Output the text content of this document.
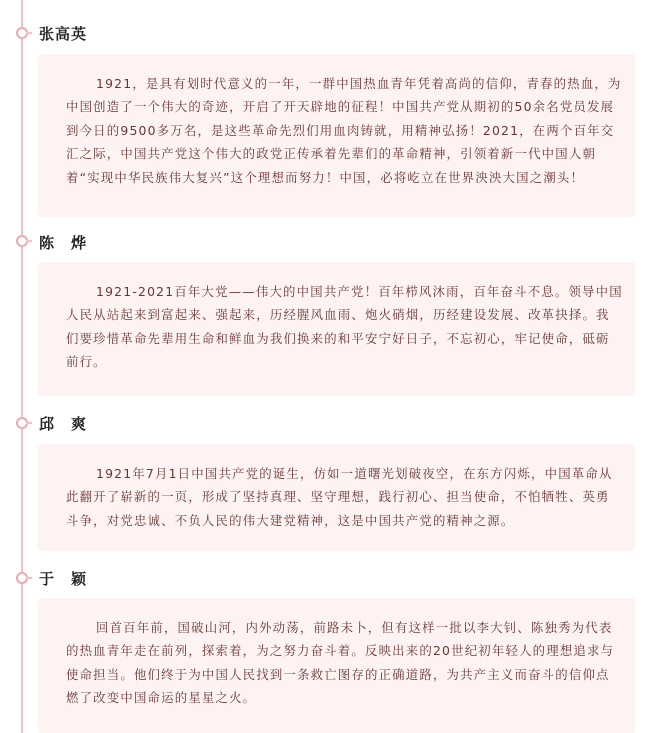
张高英

1921，是具有划时代意义的一年，一群中国热血青年凭着高尚的信仰，青春的热血，为中国创造了一个伟大的奇迹，开启了开天辟地的征程！中国共产党从期初的50余名党员发展到今日的9500多万名，是这些革命先烈们用血肉铸就，用精神弘扬！2021，在两个百年交汇之际，中国共产党这个伟大的政党正传承着先辈们的革命精神，引领着新一代中国人朝着“实现中华民族伟大复兴”这个理想而努力！中国，必将屹立在世界泱泱大国之潮头！

陈　烨

1921-2021百年大党——伟大的中国共产党！百年栉风沐雨，百年奋斗不息。领导中国人民从站起来到富起来、强起来，历经腥风血雨、炮火硝烟，历经建设发展、改革抉择。我们要珍惜革命先辈用生命和鲜血为我们换来的和平安宁好日子，不忘初心，牢记使命，砥砺前行。

邱　爽

1921年7月1日中国共产党的诞生，仿如一道曙光划破夜空，在东方闪烁，中国革命从此翻开了崭新的一页，形成了坚持真理、坚守理想，践行初心、担当使命，不怕牺牲、英勇斗争，对党忠诚、不负人民的伟大建党精神，这是中国共产党的精神之源。

于　颖

回首百年前，国破山河，内外动荡，前路未卜，但有这样一批以李大钊、陈独秀为代表的热血青年走在前列，探索着，为之努力奋斗着。反映出来的20世纪初年轻人的理想追求与使命担当。他们终于为中国人民找到一条救亡图存的正确道路，为共产主义而奋斗的信仰点燃了改变中国命运的星星之火。
